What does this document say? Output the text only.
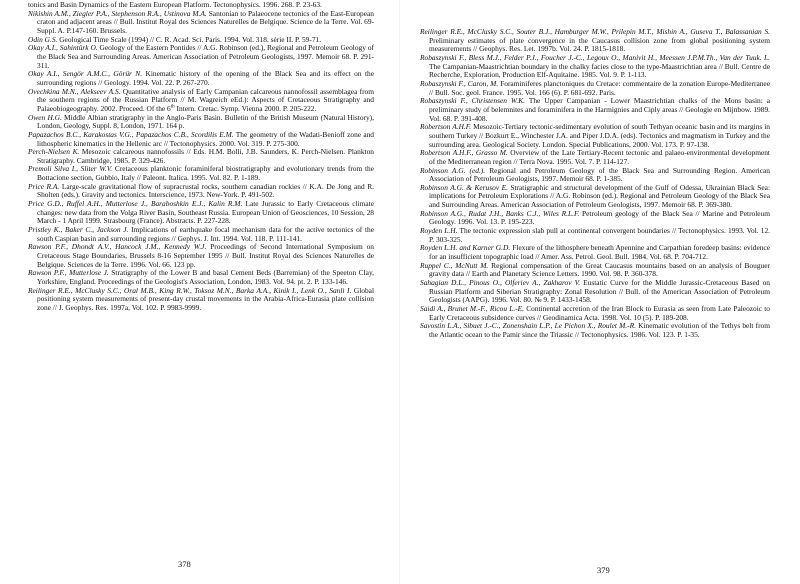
tonics and Basin Dynamics of the Eastern European Platform. Tectonophysics. 1996. 268. P. 23-63.

Nikishin A.M., Ziegler P.A., Stephenson R.A., Ustinova M.A. Santonian to Palaeocene tectonics of the East-European craton and adjacent areas // Bull. Institut Royal des Sciences Naturelles de Belgique. Science de la Terre. Vol. 69- Suppl. A. P.147-160. Brussels.

Odin G.S. Geological Time Scale (1994) // C. R. Acad. Sci. Paris. 1994. Vol. 318. série II. P. 59-71.

Okay A.I., Sahintürk O. Geology of the Eastern Pontides // A.G. Robinson (ed.), Regional and Petroleum Geology of the Black Sea and Surrounding Areas. American Association of Petroleum Geologists, 1997. Memoir 68. P. 291-311.

Okay A.I., Sengör A.M.C., Görür N. Kinematic history of the opening of the Black Sea and its effect on the surrounding regions // Geology. 1994. Vol. 22. P. 267-270.

Ovechkina M.N., Alekseev A.S. Quantitative analysis of Early Campanian calcareous nannofossil assemblagea from the southern regions of the Russian Platform // M. Wagreich eEd.): Aspects of Cretaceous Stratigraphy and Palaeobiogeography. 2002. Proceed. Of the 6th Intern. Cretac. Symp. Vienna 2000. P. 205-222.

Owen H.G. Middle Albian stratigraphy in the Anglo-Paris Basin. Bulletin of the British Museum (Natural History), London, Geology, Suppl. 8, London, 1971. 164 p.

Papazachos B.C., Karakostas V.G., Papazachos C.B., Scordilis E.M. The geometry of the Wadati-Benioff zone and lithospheric kinematics in the Hellenic arc // Tectonophysics. 2000. Vol. 319. P. 275-300.

Perch-Nielsen K. Mesozoic calcareous nannofossils // Eds. H.M. Bolli, J.B. Saunders, K. Perch-Nielsen. Plankton Stratigraphy. Cambridge, 1985. P. 329-426.

Premoli Silva I., Sliter W.V. Cretaceous planktonic foraminiferal biostratigraphy and evolutionary trends from the Bottacione section, Gubbio, Italy // Paleont. Italica. 1995. Vol. 82. P. 1-189.

Price R.A. Large-scale gravitational flow of supracrustal rocks, southern canadian rockies // K.A. De Jong and R. Sholten (eds.). Gravity and tectonics. Interscience, 1973. New-York. P. 491-502.

Price G.D., Ruffel A.H., Mutterlose J., Baraboshkin E.J., Kalin R.M. Late Jurassic to Early Cretaceous climate changes: new data from the Volga River Basin, Southeast Russia. European Union of Geosciences, 10 Session, 28 March - 1 April 1999. Strasbourg (France). Abstracts. P. 227-228.

Pristley K., Baker C., Jackson J. Implications of earthquake focal mechanism data for the active tectonics of the south Caspian basin and surrounding regions // Gephys. J. Int. 1994. Vol. 118. P. 111-141.

Rawson P.F., Dhondt A.V., Hancock J.M., Kennedy W.J. Proceedings of Second International Symposium on Cretaceous Stage Boundaries, Brussels 8-16 September 1995 // Bull. Institut Royal des Sciences Naturelles de Belgique. Sciences de la Terre. 1996. Vol. 66. 123 pp.

Rawson P.F., Mutterlose J. Stratigraphy of the Lower B and basal Cement Beds (Barremian) of the Speeton Clay, Yorkshire, England. Proceedings of the Geologist's Association, London, 1983. Vol. 94. pt. 2. P. 133-146.

Reilinger R.E., McClusky S.C., Oral M.B., King R.W., Toksoz M.N., Barka A.A., Kinik I., Lenk O., Sanli I. Global positioning system measurements of present-day crustal movements in the Arabia-Africa-Eurasia plate collision zone // J. Geophys. Res. 1997a, Vol. 102. P. 9983-9999.

378

Reilinger R.E., McClusky S.C., Souter B.J., Hamburger M.W., Prilepin M.T., Mishin A., Guseva T., Balassanian S. Preliminary estimates of plate convergence in the Caucasus collision zone from global positioning system measurements // Geophys. Res. Let. 1997b. Vol. 24. P. 1815-1818.

Robaszynski F., Bless M.J., Felder P.J., Foucher J.-C., Legoux O., Manivit H., Meessen J.P.M.Th., Van der Tuuk. L. The Campanian-Maastrichtian boundary in the chalky facies close to the type-Maastrichtian area // Bull. Centre de Recherche, Exploration, Production Elf-Aquitaine. 1985. Vol. 9. P. 1-113.

Robaszynski F., Caron, M. Foraminiferes planctoniques du Cretace: commentaire de la zonation Europe-Mediterranee // Bull. Soc. geol. France. 1995. Vol. 166 (6). P. 681-692. Paris.

Robaszynski F., Christensen W.K. The Upper Campanian - Lower Maastrichtian chalks of the Mons basin: a preliminary study of belemnites and foraminifera in the Harmignies and Ciply areas // Geologie en Mijnbow. 1989. Vol. 68. P. 391-408.

Robertson A.H.F. Mesozoic-Tertiary tectonic-sedimentary evolution of south Tethyan oceanic basin and its margins in southern Turkey // Bozkurt E., Winchester J.A. and Piper J.D.A. (eds). Tectonics and magmatism in Turkey and the surrounding area. Geological Society. London. Special Publications, 2000. Vol. 173. P. 97-138.

Robertson A.H.F., Grasso M. Overview of the Late Tertiary-Recent tectonic and palaeo-environmental development of the Mediterranean region // Terra Nova. 1995. Vol. 7. P. 114-127.

Robinson A.G. (ed.). Regional and Petroleum Geology of the Black Sea and Surrounding Region. American Association of Petroleum Geologists, 1997. Memoir 68. P. 1-385.

Robinson A.G. & Kerusov E. Stratigraphic and structural development of the Gulf of Odessa, Ukrainian Black Sea: implications for Petroleum Explorations // A.G. Robinson (ed.). Regional and Petroleum Geology of the Black Sea and Surrounding Areas. American Association of Petroleum Geologists, 1997. Memoir 68. P. 369-380.

Robinson A.G., Rudat J.H., Banks C.J., Wiles R.L.F. Petroleum geology of the Black Sea // Marine and Petroleum Geology. 1996. Vol. 13. P. 195-223.

Royden L.H. The tectonic expression slab pull at continental convergent boundaries // Tectonophysics. 1993. Vol. 12. P. 303-325.

Royden L.H. and Karner G.D. Flexure of the lithosphere beneath Apennine and Carpathian foredeep basins: evidence for an insufficient topographic load // Amer. Ass. Petrol. Geol. Bull. 1984. Vol. 68. P. 704-712.

Ruppel C., McNutt M. Regional compensation of the Great Caucasus mountains based on an analysis of Bouguer gravity data // Earth and Planetary Science Letters. 1990. Vol. 98. P. 360-378.

Sahagian D.L., Pinous O., Olferiev A., Zakharov V. Eustatic Curve for the Middle Jurassic-Cretaceous Based on Russian Platform and Siberian Stratigraphy: Zonal Resolution // Bull. of the American Association of Petroleum Geologists (AAPG). 1996. Vol. 80. № 9. P. 1433-1458.

Saidi A., Brunet M.-F., Ricou L.-E. Continental accretion of the Iran Block to Eurasia as seen from Late Paleozoic to Early Cretaceous subsidence curves // Geodinamica Acta. 1998. Vol. 10 (5). P. 189-208.

Savostin L.A., Sibuet J.-C., Zonenshain L.P., Le Pichon X., Roulet M.-R. Kinematic evolution of the Tethys belt from the Atlantic ocean to the Pamir since the Triassic // Tectonophysics. 1986. Vol. 123. P. 1-35.

379
